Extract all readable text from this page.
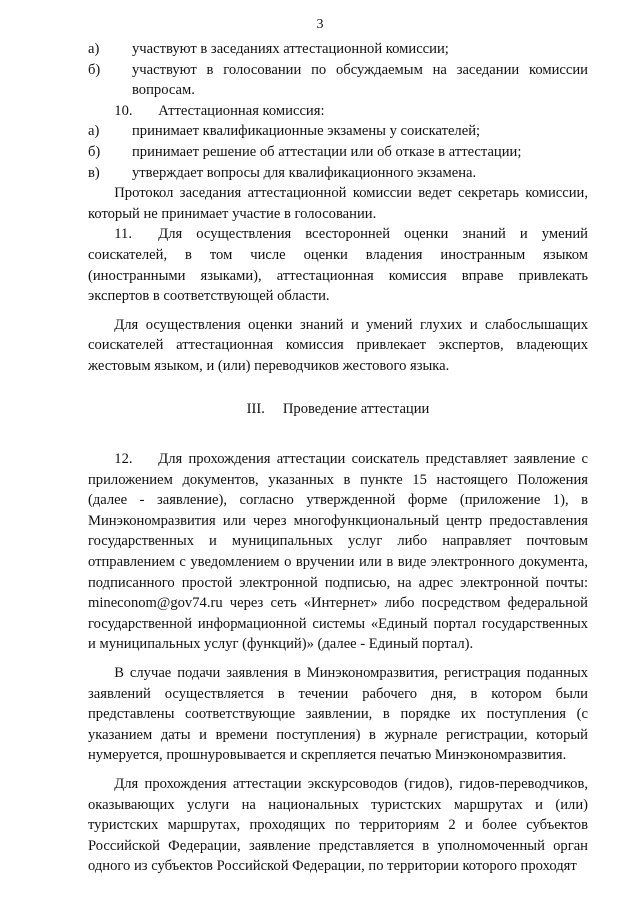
3
а)	участвуют в заседаниях аттестационной комиссии;
б)	участвуют в голосовании по обсуждаемым на заседании комиссии вопросам.

10. Аттестационная комиссия:

а)	принимает квалификационные экзамены у соискателей;
б)	принимает решение об аттестации или об отказе в аттестации;
в)	утверждает вопросы для квалификационного экзамена.

Протокол заседания аттестационной комиссии ведет секретарь комиссии, который не принимает участие в голосовании.

11. Для осуществления всесторонней оценки знаний и умений соискателей, в том числе оценки владения иностранным языком (иностранными языками), аттестационная комиссия вправе привлекать экспертов в соответствующей области.

Для осуществления оценки знаний и умений глухих и слабослышащих соискателей аттестационная комиссия привлекает экспертов, владеющих жестовым языком, и (или) переводчиков жестового языка.

III. Проведение аттестации

12. Для прохождения аттестации соискатель представляет заявление с приложением документов, указанных в пункте 15 настоящего Положения (далее - заявление), согласно утвержденной форме (приложение 1), в Минэкономразвития или через многофункциональный центр предоставления государственных и муниципальных услуг либо направляет почтовым отправлением с уведомлением о вручении или в виде электронного документа, подписанного простой электронной подписью, на адрес электронной почты: mineconom@gov74.ru через сеть «Интернет» либо посредством федеральной государственной информационной системы «Единый портал государственных и муниципальных услуг (функций)» (далее - Единый портал).

В случае подачи заявления в Минэкономразвития, регистрация поданных заявлений осуществляется в течении рабочего дня, в котором были представлены соответствующие заявлении, в порядке их поступления (с указанием даты и времени поступления) в журнале регистрации, который нумеруется, прошнуровывается и скрепляется печатью Минэкономразвития.

Для прохождения аттестации экскурсоводов (гидов), гидов-переводчиков, оказывающих услуги на национальных туристских маршрутах и (или) туристских маршрутах, проходящих по территориям 2 и более субъектов Российской Федерации, заявление представляется в уполномоченный орган одного из субъектов Российской Федерации, по территории которого проходят
